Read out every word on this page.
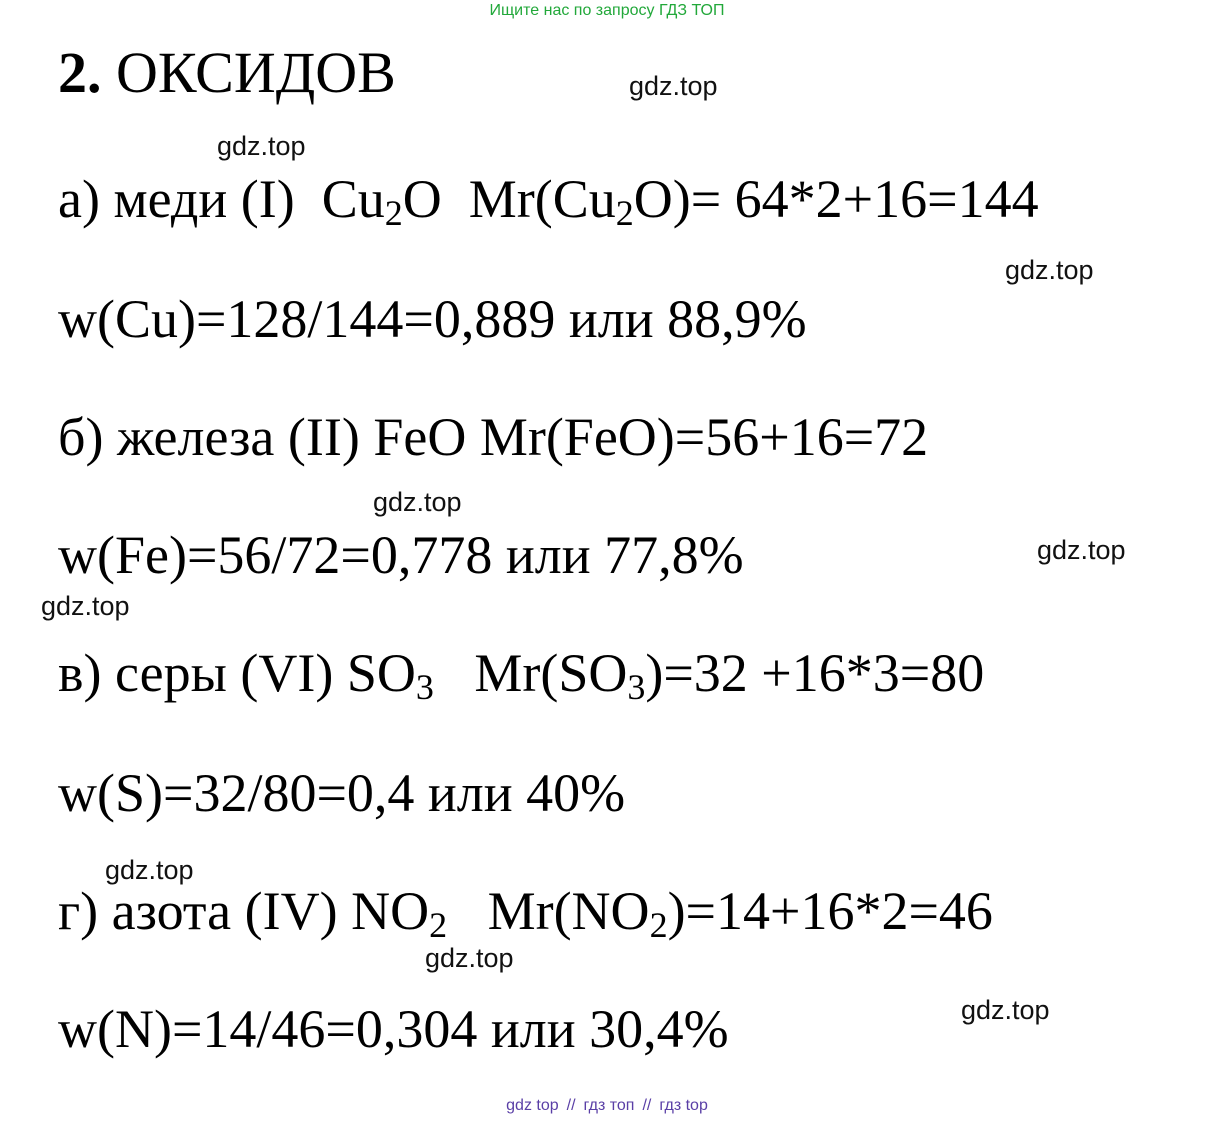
Ищите нас по запросу ГДЗ ТОП
2. ОКСИДОВ
а) меди (I) $Cu_2O$ $Mr(Cu_2O)= 64*2+16=144$
w(Cu)=128/144=0,889 или 88,9%
б) железа (II) FeO Mr(FeO)=56+16=72
w(Fe)=56/72=0,778 или 77,8%
в) серы (VI) $SO_3$ $Mr(SO_3)=32 +16*3=80$
w(S)=32/80=0,4 или 40%
г) азота (IV) $NO_2$ $Mr(NO_2)=14+16*2=46$
w(N)=14/46=0,304 или 30,4%
gdz.top
gdz.top
gdz.top
gdz.top
gdz.top
gdz.top
gdz.top
gdz.top
gdz.top
gdz top // гдз топ // гдз top
